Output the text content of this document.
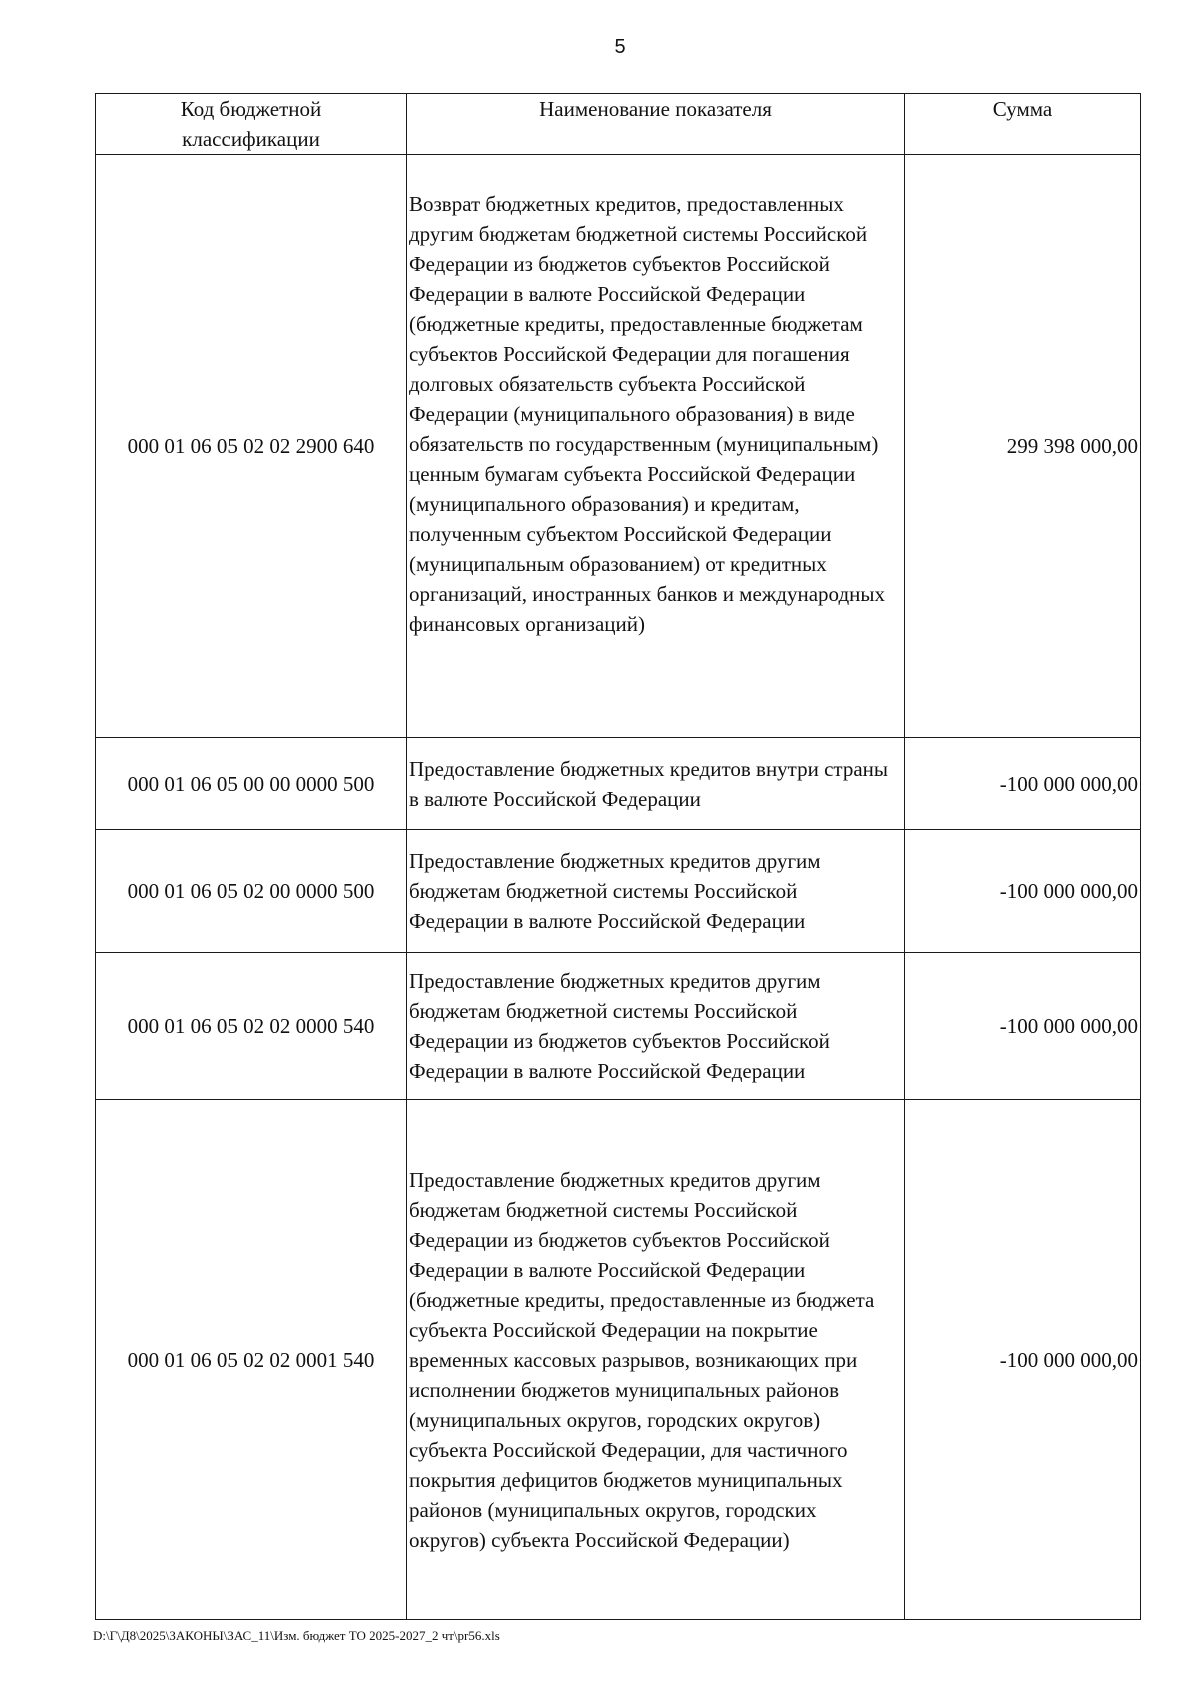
5
Код бюджетной классификации	Наименование показателя	Сумма
000 01 06 05 02 02 2900 640	Возврат бюджетных кредитов, предоставленных другим бюджетам бюджетной системы Российской Федерации из бюджетов субъектов Российской Федерации в валюте Российской Федерации (бюджетные кредиты, предоставленные бюджетам субъектов Российской Федерации для погашения долговых обязательств субъекта Российской Федерации (муниципального образования) в виде обязательств по государственным (муниципальным) ценным бумагам субъекта Российской Федерации (муниципального образования) и кредитам, полученным субъектом Российской Федерации (муниципальным образованием) от кредитных организаций, иностранных банков и международных финансовых организаций)	299 398 000,00
000 01 06 05 00 00 0000 500	Предоставление бюджетных кредитов внутри страны в валюте Российской Федерации	-100 000 000,00
000 01 06 05 02 00 0000 500	Предоставление бюджетных кредитов другим бюджетам бюджетной системы Российской Федерации в валюте Российской Федерации	-100 000 000,00
000 01 06 05 02 02 0000 540	Предоставление бюджетных кредитов другим бюджетам бюджетной системы Российской Федерации из бюджетов субъектов Российской Федерации в валюте Российской Федерации	-100 000 000,00
000 01 06 05 02 02 0001 540	Предоставление бюджетных кредитов другим бюджетам бюджетной системы Российской Федерации из бюджетов субъектов Российской Федерации в валюте Российской Федерации (бюджетные кредиты, предоставленные из бюджета субъекта Российской Федерации на покрытие временных кассовых разрывов, возникающих при исполнении бюджетов муниципальных районов (муниципальных округов, городских округов) субъекта Российской Федерации, для частичного покрытия дефицитов бюджетов муниципальных районов (муниципальных округов, городских округов) субъекта Российской Федерации)	-100 000 000,00
D:\Г\Д8\2025\ЗАКОНЫ\ЗАС_11\Изм. бюджет ТО 2025-2027_2 чт\pr56.xls
